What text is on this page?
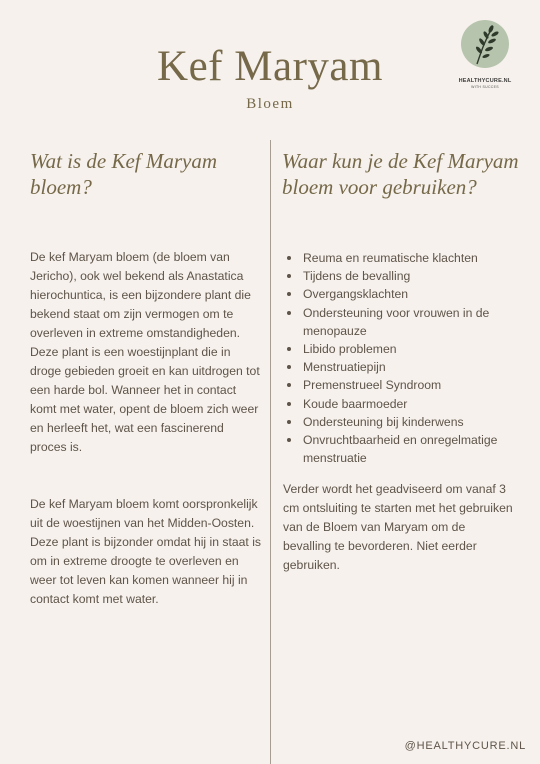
Kef Maryam
Bloem
HEALTHYCURE.NL
WITH SUCCES
Wat is de Kef Maryam bloem?
De kef Maryam bloem (de bloem van Jericho), ook wel bekend als Anastatica hierochuntica, is een bijzondere plant die bekend staat om zijn vermogen om te overleven in extreme omstandigheden. Deze plant is een woestijnplant die in droge gebieden groeit en kan uitdrogen tot een harde bol. Wanneer het in contact komt met water, opent de bloem zich weer en herleeft het, wat een fascinerend proces is.
De kef Maryam bloem komt oorspronkelijk uit de woestijnen van het Midden-Oosten. Deze plant is bijzonder omdat hij in staat is om in extreme droogte te overleven en weer tot leven kan komen wanneer hij in contact komt met water.
Waar kun je de Kef Maryam bloem voor gebruiken?
Reuma en reumatische klachten
Tijdens de bevalling
Overgangsklachten
Ondersteuning voor vrouwen in de menopauze
Libido problemen
Menstruatiepijn
Premenstrueel Syndroom
Koude baarmoeder
Ondersteuning bij kinderwens
Onvruchtbaarheid en onregelmatige menstruatie
Verder wordt het geadviseerd om vanaf 3 cm ontsluiting te starten met het gebruiken van de Bloem van Maryam om de bevalling te bevorderen. Niet eerder gebruiken.
@HEALTHYCURE.NL
